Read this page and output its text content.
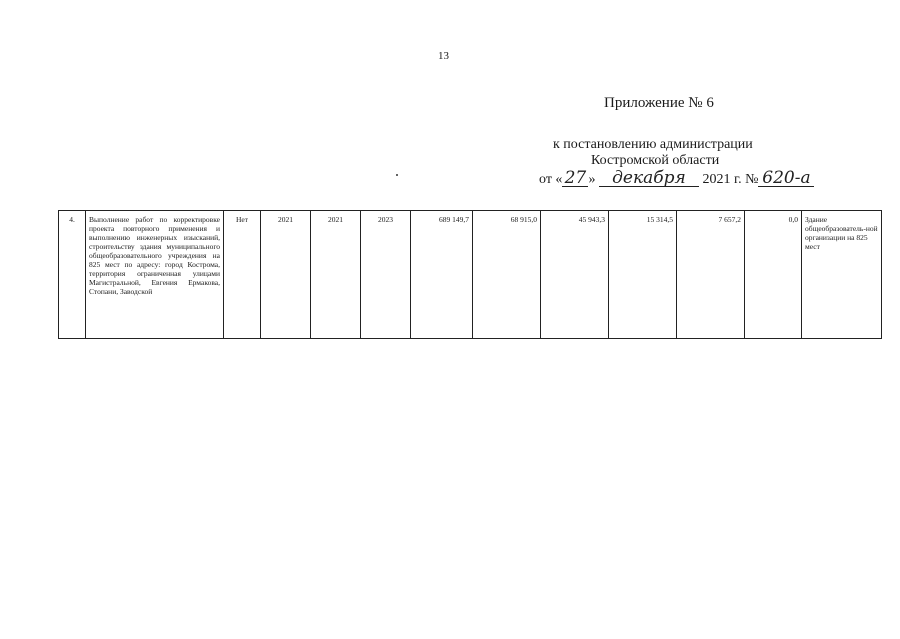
13
Приложение № 6
к постановлению администрации
Костромской области
от « 27 » декабря 2021 г. № 620-а
4.	Выполнение работ по корректировке проекта повторного применения и выполнению инженерных изысканий, строительству здания муниципального общеобразовательного учреждения на 825 мест по адресу: город Кострома, территория ограниченная улицами Магистральной, Евгения Ермакова, Стопани, Заводской	Нет	2021	2021	2023	689 149,7	68 915,0	45 943,3	15 314,5	7 657,2	0,0	Здание общеобразователь-ной организации на 825 мест
